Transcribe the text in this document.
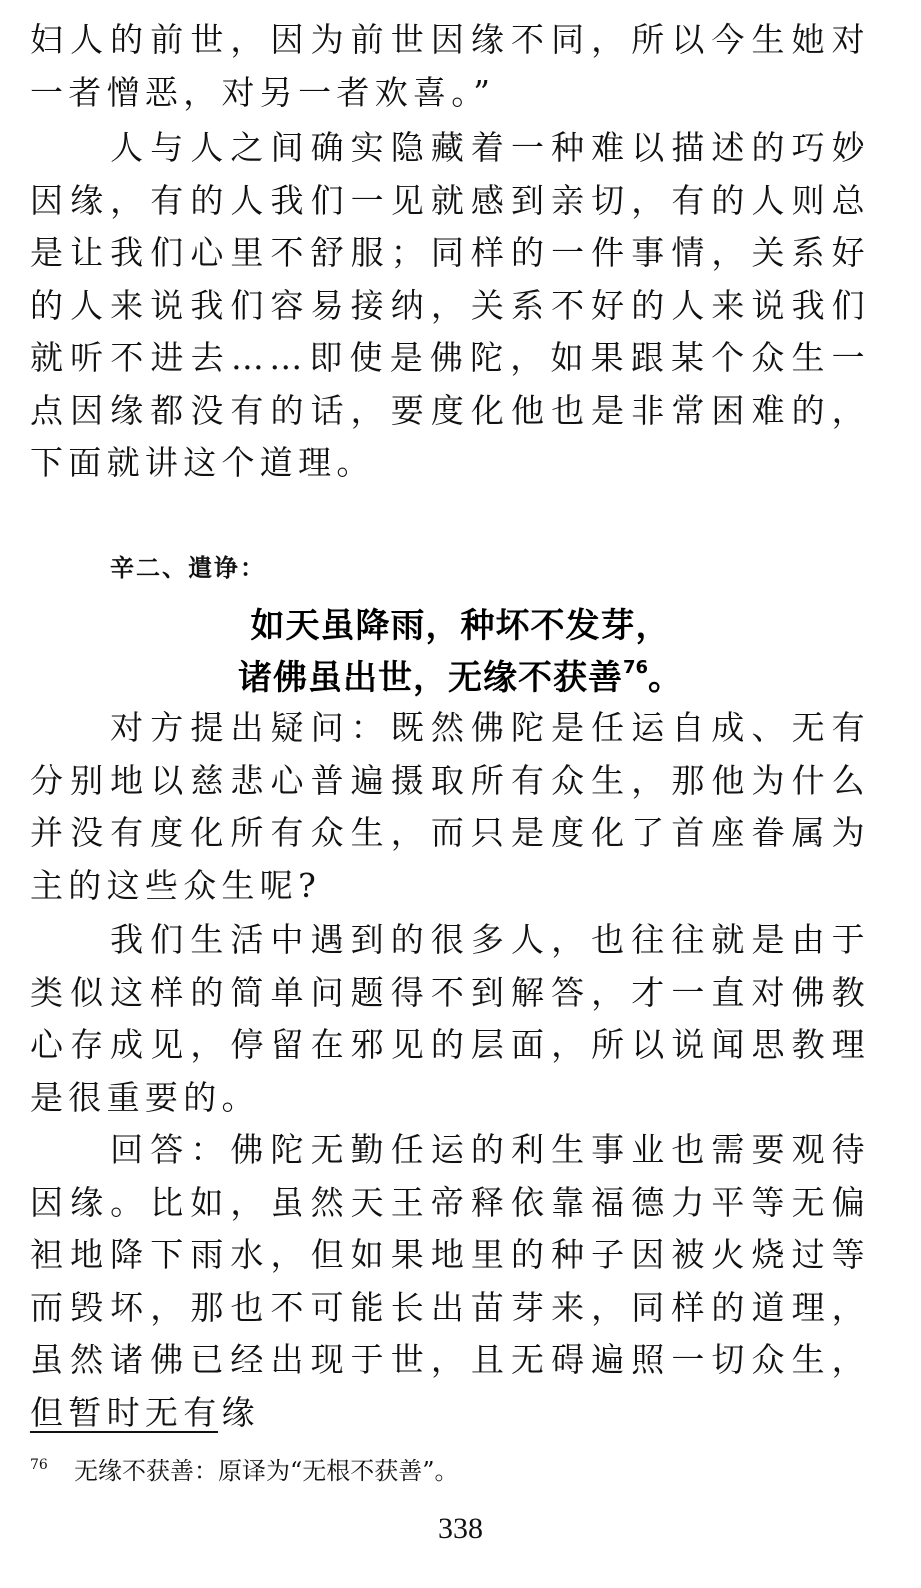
妇人的前世，因为前世因缘不同，所以今生她对一者憎恶，对另一者欢喜。”

　　人与人之间确实隐藏着一种难以描述的巧妙因缘，有的人我们一见就感到亲切，有的人则总是让我们心里不舒服；同样的一件事情，关系好的人来说我们容易接纳，关系不好的人来说我们就听不进去……即使是佛陀，如果跟某个众生一点因缘都没有的话，要度化他也是非常困难的，下面就讲这个道理。

辛二、遣诤：

如天虽降雨，种坏不发芽，

诸佛虽出世，无缘不获善$^{76}$。

　　对方提出疑问：既然佛陀是任运自成、无有分别地以慈悲心普遍摄取所有众生，那他为什么并没有度化所有众生，而只是度化了首座眷属为主的这些众生呢?

　　我们生活中遇到的很多人，也往往就是由于类似这样的简单问题得不到解答，才一直对佛教心存成见，停留在邪见的层面，所以说闻思教理是很重要的。

　　回答：佛陀无勤任运的利生事业也需要观待因缘。比如，虽然天王帝释依靠福德力平等无偏袒地降下雨水，但如果地里的种子因被火烧过等而毁坏，那也不可能长出苗芽来，同样的道理，虽然诸佛已经出现于世，且无碍遍照一切众生，但暂时无有缘

76 无缘不获善：原译为“无根不获善”。

338
